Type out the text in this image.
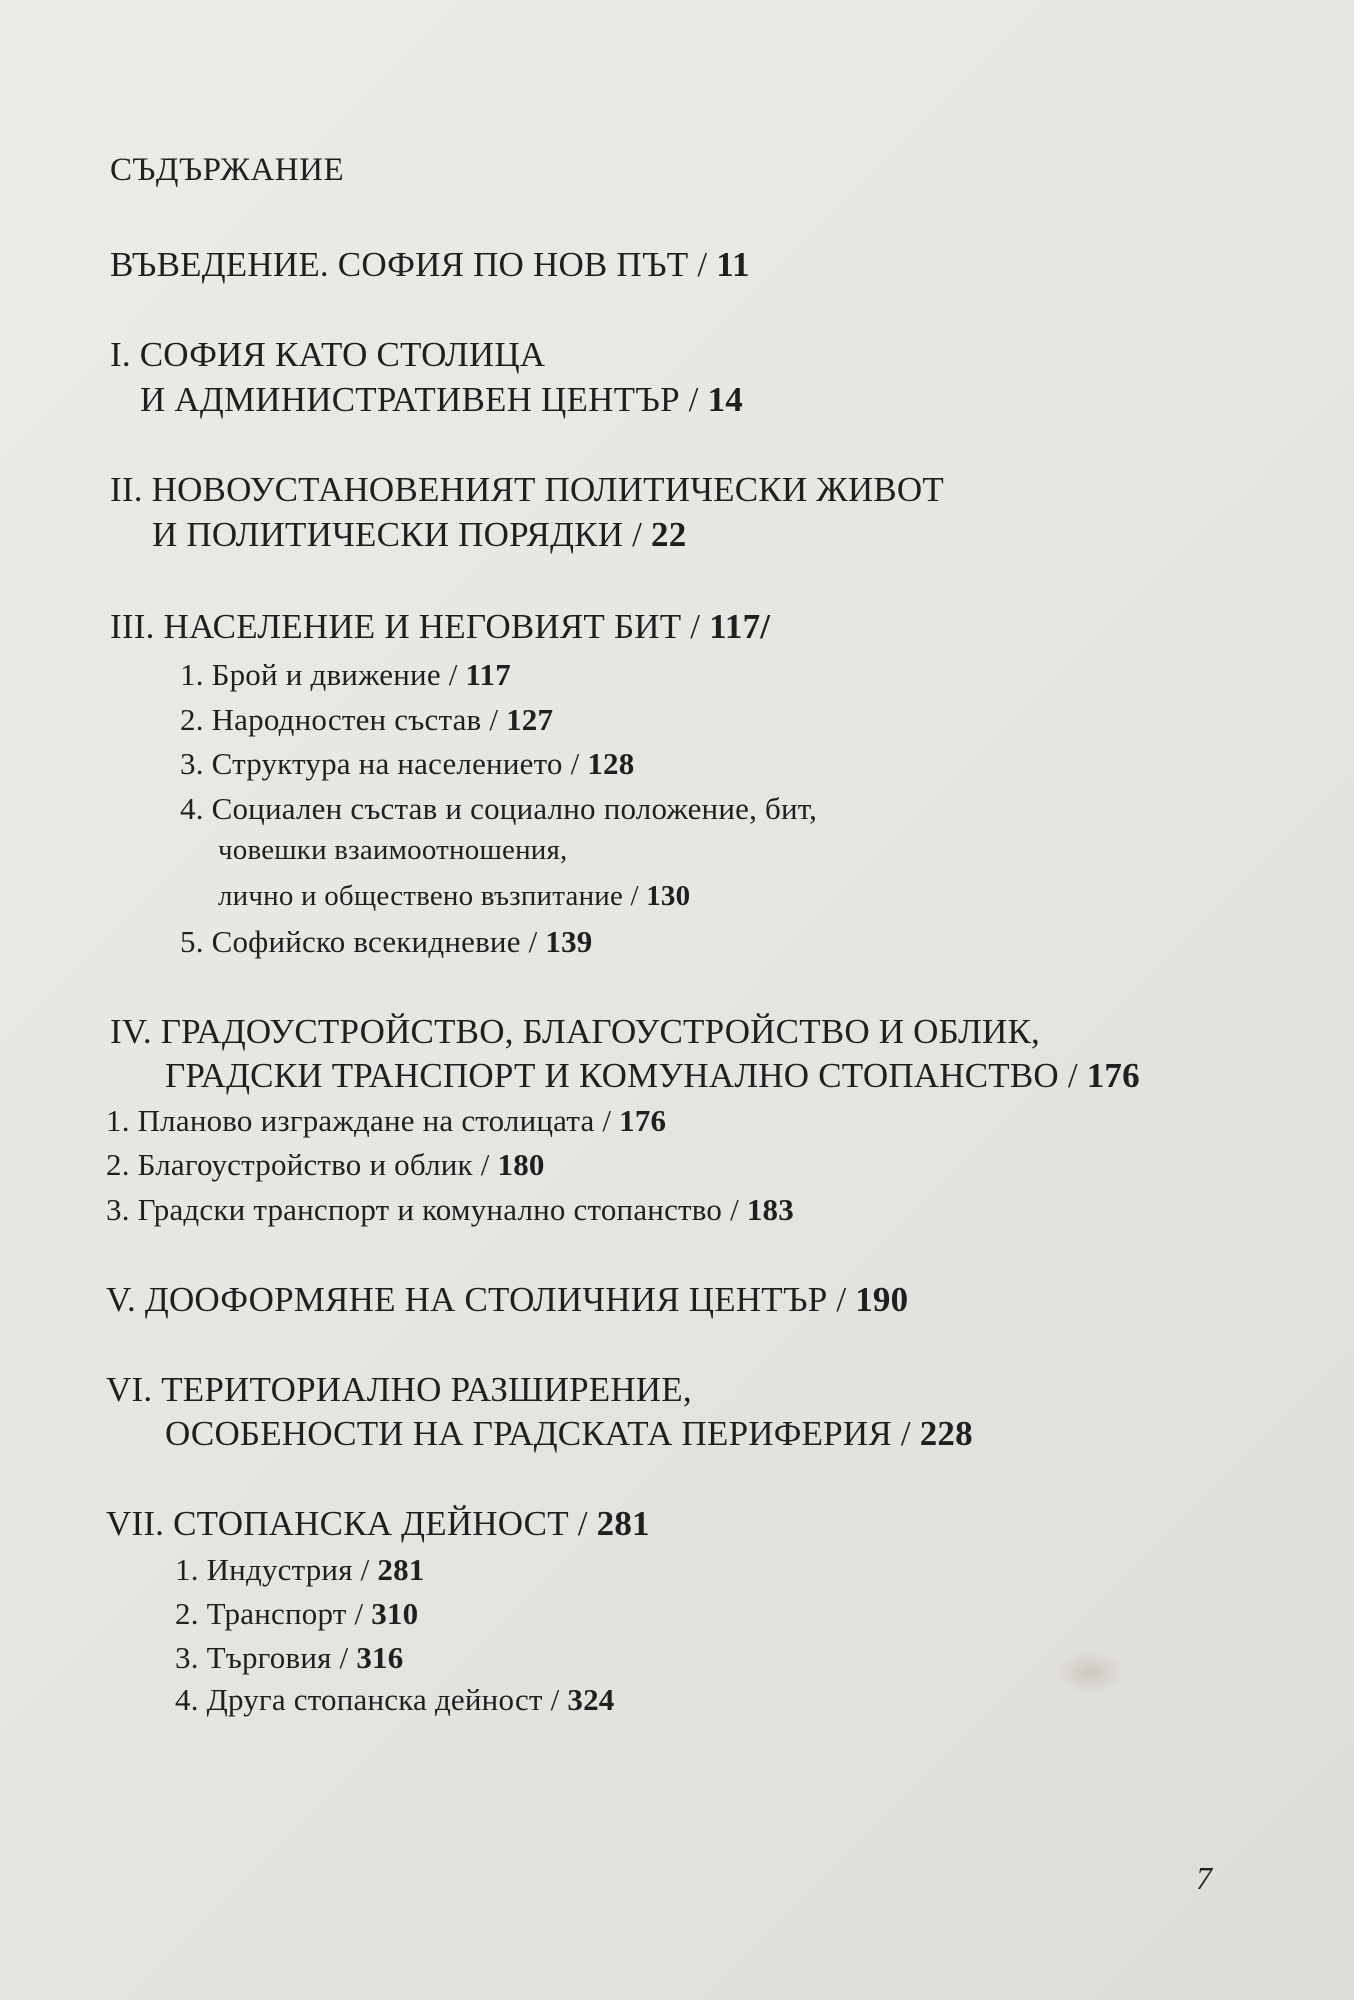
СЪДЪРЖАНИЕ
ВЪВЕДЕНИЕ. СОФИЯ ПО НОВ ПЪТ / 11
I. СОФИЯ КАТО СТОЛИЦА
И АДМИНИСТРАТИВЕН ЦЕНТЪР / 14
II. НОВОУСТАНОВЕНИЯТ ПОЛИТИЧЕСКИ ЖИВОТ
И ПОЛИТИЧЕСКИ ПОРЯДКИ / 22
III. НАСЕЛЕНИЕ И НЕГОВИЯТ БИТ / 117/
1. Брой и движение / 117
2. Народностен състав / 127
3. Структура на населението / 128
4. Социален състав и социално положение, бит,
човешки взаимоотношения,
лично и обществено възпитание / 130
5. Софийско всекидневие / 139
IV. ГРАДОУСТРОЙСТВО, БЛАГОУСТРОЙСТВО И ОБЛИК,
ГРАДСКИ ТРАНСПОРТ И КОМУНАЛНО СТОПАНСТВО / 176
1. Планово изграждане на столицата / 176
2. Благоустройство и облик / 180
3. Градски транспорт и комунално стопанство / 183
V. ДООФОРМЯНЕ НА СТОЛИЧНИЯ ЦЕНТЪР / 190
VI. ТЕРИТОРИАЛНО РАЗШИРЕНИЕ,
ОСОБЕНОСТИ НА ГРАДСКАТА ПЕРИФЕРИЯ / 228
VII. СТОПАНСКА ДЕЙНОСТ / 281
1. Индустрия / 281
2. Транспорт / 310
3. Търговия / 316
4. Друга стопанска дейност / 324
7
